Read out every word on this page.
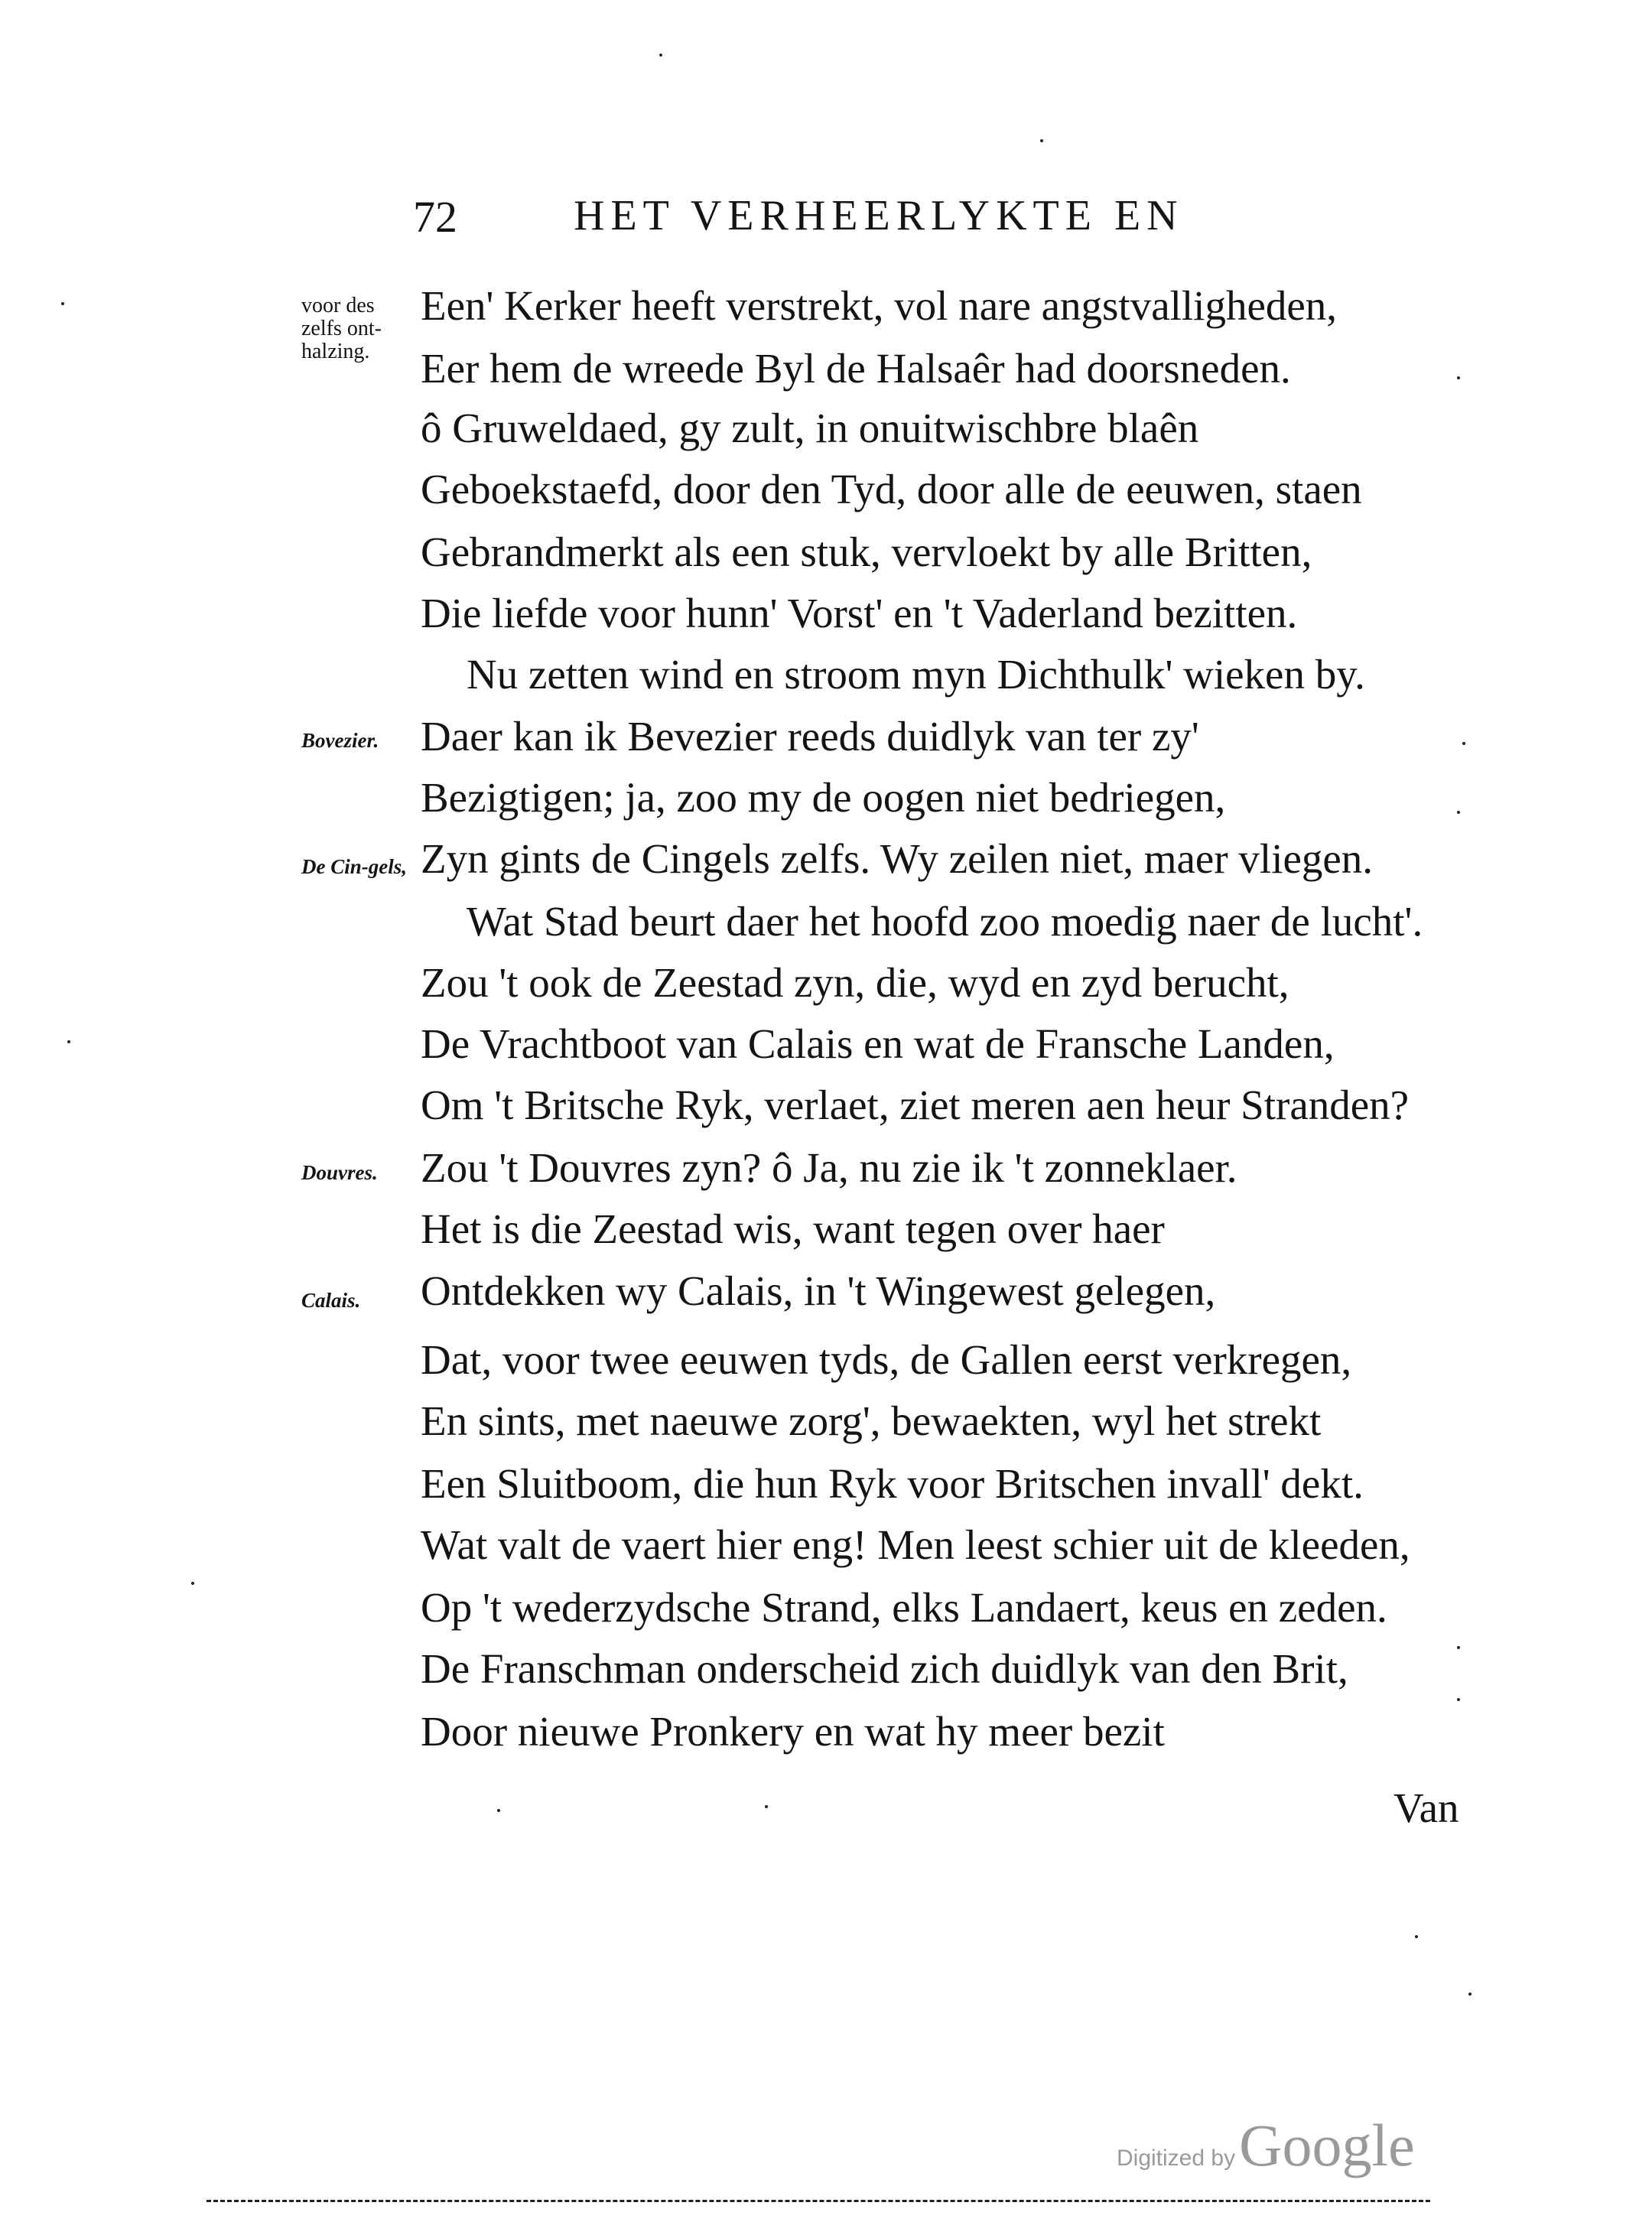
72	HET VERHEERLYKTE EN
voor des zelfs ont-halzing.
Bovezier.
De Cin-gels,
Douvres.
Calais.
Een' Kerker heeft verstrekt, vol nare angstvalligheden,
Eer hem de wreede Byl de Halsaêr had doorsneden.
ô Gruweldaed, gy zult, in onuitwischbre blaên
Geboekstaefd, door den Tyd, door alle de eeuwen, staen
Gebrandmerkt als een stuk, vervloekt by alle Britten,
Die liefde voor hunn' Vorst' en 't Vaderland bezitten.
Nu zetten wind en stroom myn Dichthulk' wieken by.
Daer kan ik Bevezier reeds duidlyk van ter zy'
Bezigtigen; ja, zoo my de oogen niet bedriegen,
Zyn gints de Cingels zelfs. Wy zeilen niet, maer vliegen.
Wat Stad beurt daer het hoofd zoo moedig naer de lucht'.
Zou 't ook de Zeestad zyn, die, wyd en zyd berucht,
De Vrachtboot van Calais en wat de Fransche Landen,
Om 't Britsche Ryk, verlaet, ziet meren aen heur Stranden?
Zou 't Douvres zyn? ô Ja, nu zie ik 't zonneklaer.
Het is die Zeestad wis, want tegen over haer
Ontdekken wy Calais, in 't Wingewest gelegen,
Dat, voor twee eeuwen tyds, de Gallen eerst verkregen,
En sints, met naeuwe zorg', bewaekten, wyl het strekt
Een Sluitboom, die hun Ryk voor Britschen invall' dekt.
Wat valt de vaert hier eng! Men leest schier uit de kleeden,
Op 't wederzydsche Strand, elks Landaert, keus en zeden.
De Franschman onderscheid zich duidlyk van den Brit,
Door nieuwe Pronkery en wat hy meer bezit
Van
Digitized by Google
